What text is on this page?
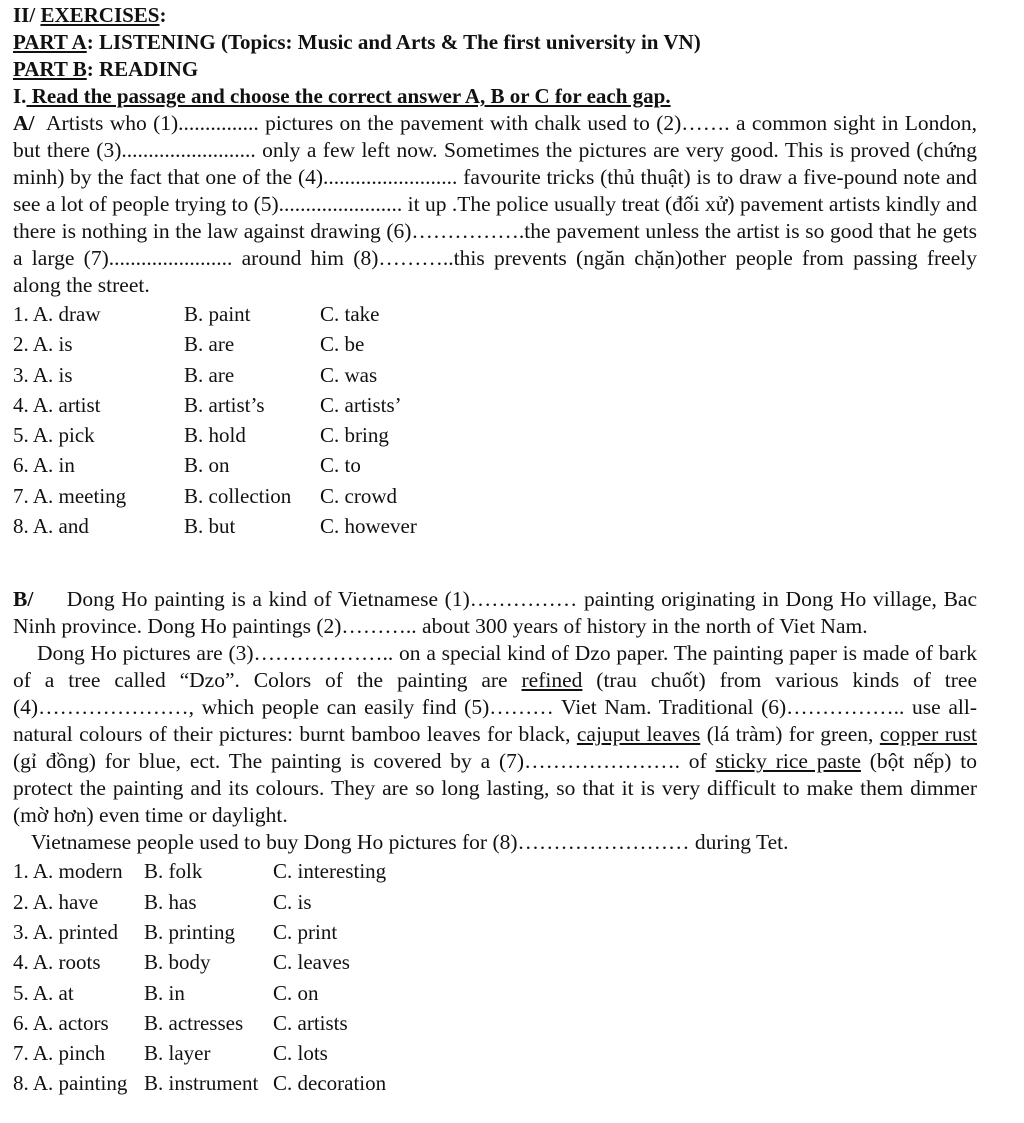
II/ EXERCISES:

PART A: LISTENING (Topics: Music and Arts & The first university in VN)

PART B: READING

I. Read the passage and choose the correct answer A, B or C for each gap.

A/ Artists who (1)............... pictures on the pavement with chalk used to (2)……. a common sight in London, but there (3)......................... only a few left now. Sometimes the pictures are very good. This is proved (chứng minh) by the fact that one of the (4)......................... favourite tricks (thủ thuật) is to draw a five-pound note and see a lot of people trying to (5)....................... it up .The police usually treat (đối xử) pavement artists kindly and there is nothing in the law against drawing (6)…………….the pavement unless the artist is so good that he gets a large (7)....................... around him (8)………..this prevents (ngăn chặn)other people from passing freely along the street.

1. A. draw	B. paint	C. take
2. A. is	B. are	C. be
3. A. is	B. are	C. was
4. A. artist	B. artist’s	C. artists’
5. A. pick	B. hold	C. bring
6. A. in	B. on	C. to
7. A. meeting	B. collection	C. crowd
8. A. and	B. but	C. however

B/ Dong Ho painting is a kind of Vietnamese (1)…………… painting originating in Dong Ho village, Bac Ninh province. Dong Ho paintings (2)……….. about 300 years of history in the north of Viet Nam.

Dong Ho pictures are (3)……………….. on a special kind of Dzo paper. The painting paper is made of bark of a tree called “Dzo”. Colors of the painting are refined (trau chuốt) from various kinds of tree (4)…………………, which people can easily find (5)……… Viet Nam. Traditional (6)…………….. use all-natural colours of their pictures: burnt bamboo leaves for black, cajuput leaves (lá tràm) for green, copper rust (gỉ đồng) for blue, ect. The painting is covered by a (7)…………………. of sticky rice paste (bột nếp) to protect the painting and its colours. They are so long lasting, so that it is very difficult to make them dimmer (mờ hơn) even time or daylight.

Vietnamese people used to buy Dong Ho pictures for (8)…………………… during Tet.

1. A. modern	B. folk	C. interesting
2. A. have	B. has	C. is
3. A. printed	B. printing	C. print
4. A. roots	B. body	C. leaves
5. A. at	B. in	C. on
6. A. actors	B. actresses	C. artists
7. A. pinch	B. layer	C. lots
8. A. painting B. instrument C. decoration
